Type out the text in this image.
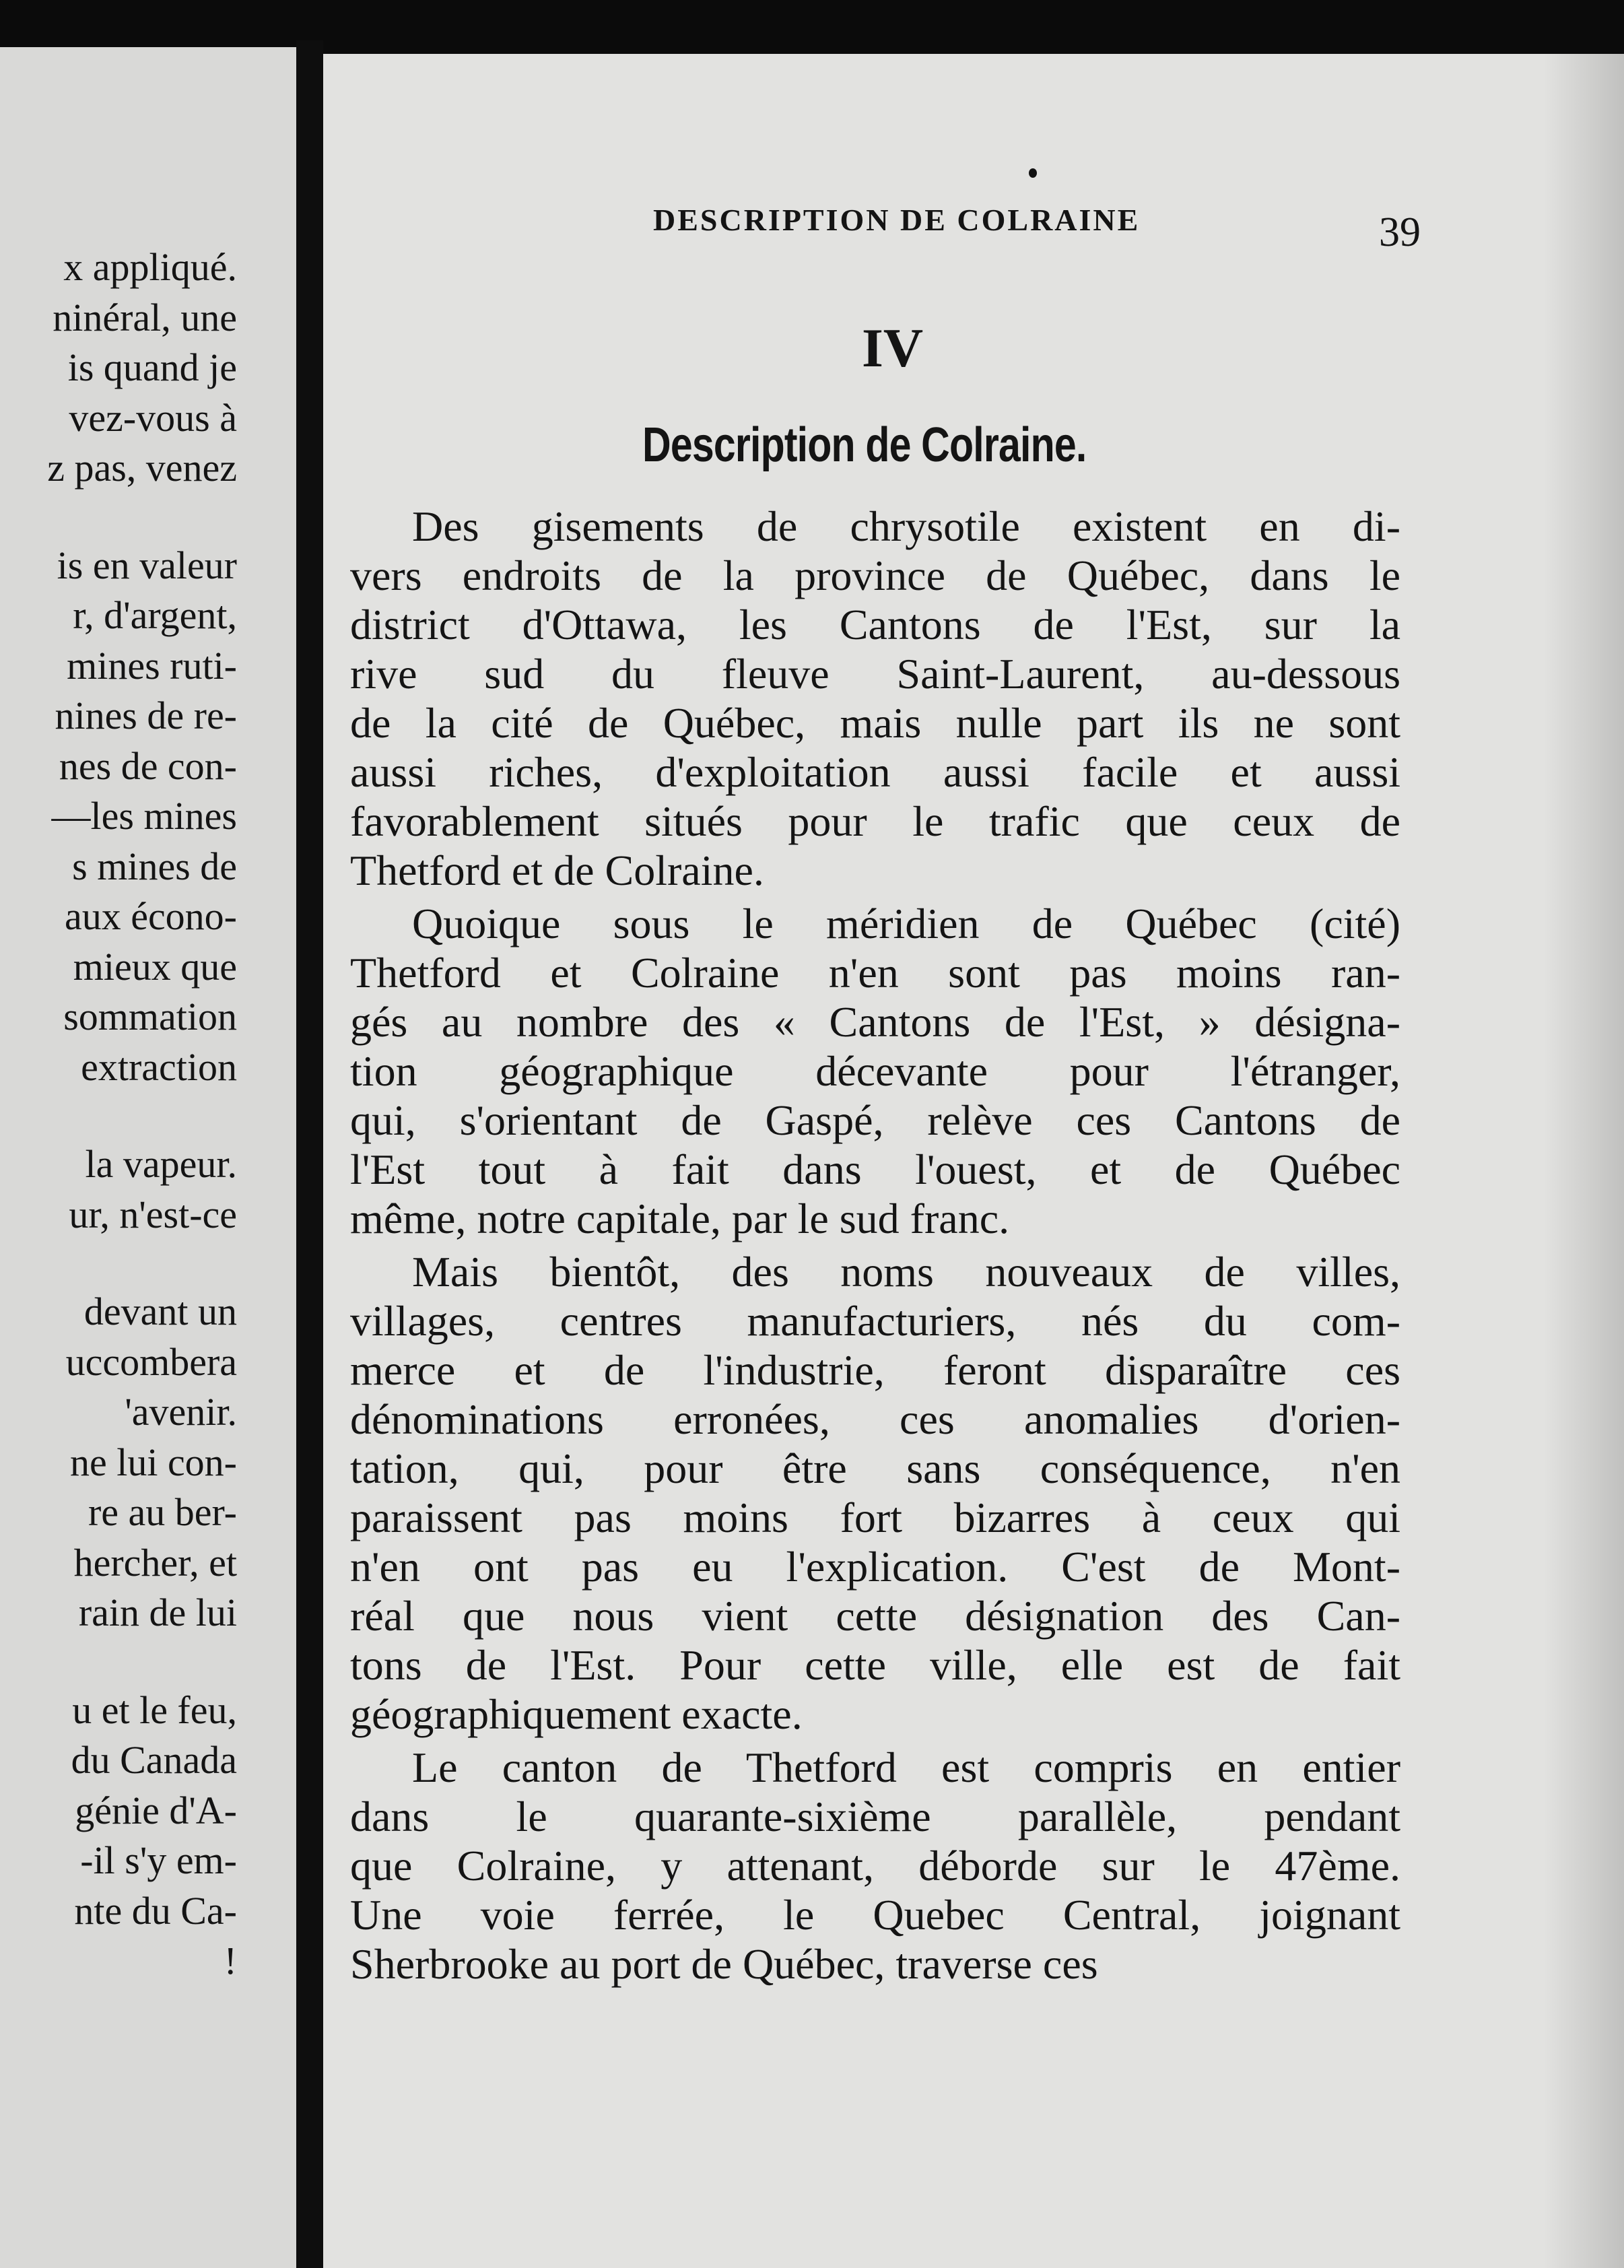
x appliqué.
ninéral, une
is quand je
vez-vous à
z pas, venez
is en valeur
r, d'argent,
mines ruti-
nines de re-
nes de con-
—les mines
s mines de
aux écono-
mieux que
sommation
extraction
la vapeur.
ur, n'est-ce
devant un
uccombera
'avenir.
ne lui con-
re au ber-
hercher, et
rain de lui
u et le feu,
du Canada
génie d'A-
-il s'y em-
nte du Ca-
!
DESCRIPTION DE COLRAINE	39
IV
Description de Colraine.

Des gisements de chrysotile existent en di-

vers endroits de la province de Québec, dans le

district d'Ottawa, les Cantons de l'Est, sur la

rive sud du fleuve Saint-Laurent, au-dessous

de la cité de Québec, mais nulle part ils ne sont

aussi riches, d'exploitation aussi facile et aussi

favorablement situés pour le trafic que ceux de

Thetford et de Colraine.

Quoique sous le méridien de Québec (cité)

Thetford et Colraine n'en sont pas moins ran-

gés au nombre des « Cantons de l'Est, » désigna-

tion géographique décevante pour l'étranger,

qui, s'orientant de Gaspé, relève ces Cantons de

l'Est tout à fait dans l'ouest, et de Québec

même, notre capitale, par le sud franc.

Mais bientôt, des noms nouveaux de villes,

villages, centres manufacturiers, nés du com-

merce et de l'industrie, feront disparaître ces

dénominations erronées, ces anomalies d'orien-

tation, qui, pour être sans conséquence, n'en

paraissent pas moins fort bizarres à ceux qui

n'en ont pas eu l'explication. C'est de Mont-

réal que nous vient cette désignation des Can-

tons de l'Est. Pour cette ville, elle est de fait

géographiquement exacte.

Le canton de Thetford est compris en entier

dans le quarante-sixième parallèle, pendant

que Colraine, y attenant, déborde sur le 47ème.

Une voie ferrée, le Quebec Central, joignant

Sherbrooke au port de Québec, traverse ces
